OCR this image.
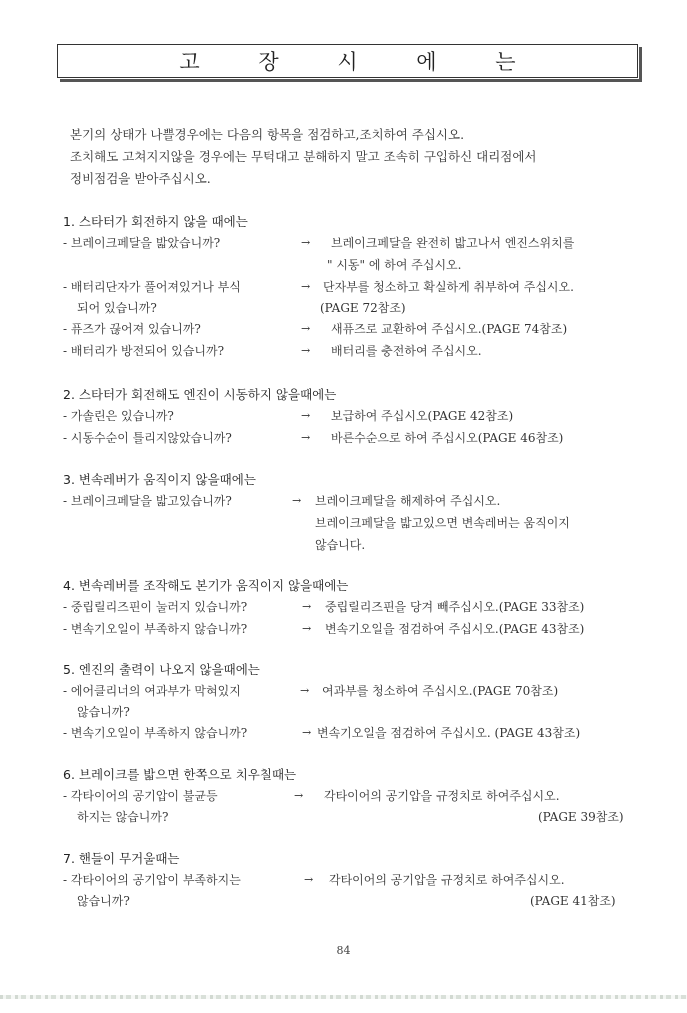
고 장 시 에 는
본기의 상태가 나쁠경우에는 다음의 항목을 점검하고,조치하여 주십시오.
조치해도 고쳐지지않을 경우에는 무턱대고 분해하지 말고 조속히 구입하신 대리점에서
정비점검을 받아주십시오.
1. 스타터가 회전하지 않을 때에는
- 브레이크페달을 밟았습니까?	→ 브레이크페달을 완전히 밟고나서 엔진스위치를
" 시동" 에 하여 주십시오.
- 배터리단자가 풀어져있거나 부식	→ 단자부를 청소하고 확실하게 취부하여 주십시오.
되어 있습니까?	(PAGE 72참조)
- 퓨즈가 끊어져 있습니까?	→ 새퓨즈로 교환하여 주십시오.(PAGE 74참조)
- 배터리가 방전되어 있습니까?	→ 배터리를 충전하여 주십시오.
2. 스타터가 회전해도 엔진이 시동하지 않을때에는
- 가솔린은 있습니까?	→ 보급하여 주십시오(PAGE 42참조)
- 시동수순이 틀리지않았습니까?	→ 바른수순으로 하여 주십시오(PAGE 46참조)
3. 변속레버가 움직이지 않을때에는
- 브레이크페달을 밟고있습니까?	→ 브레이크페달을 해제하여 주십시오.
브레이크페달을 밟고있으면 변속레버는 움직이지
않습니다.
4. 변속레버를 조작해도 본기가 움직이지 않을때에는
- 중립릴리즈핀이 눌러지 있습니까?	→ 중립릴리즈핀을 당겨 빼주십시오.(PAGE 33참조)
- 변속기오일이 부족하지 않습니까?	→ 변속기오일을 점검하여 주십시오.(PAGE 43참조)
5. 엔진의 출력이 나오지 않을때에는
- 에어클리너의 여과부가 막혀있지	→ 여과부를 청소하여 주십시오.(PAGE 70참조)
않습니까?
- 변속기오일이 부족하지 않습니까?	→ 변속기오일을 점검하여 주십시오. (PAGE 43참조)
6. 브레이크를 밟으면 한쪽으로 치우칠때는
- 각타이어의 공기압이 불균등	→ 각타이어의 공기압을 규정치로 하여주십시오.
하지는 않습니까?	(PAGE 39참조)
7. 핸들이 무거울때는
- 각타이어의 공기압이 부족하지는	→ 각타이어의 공기압을 규정치로 하여주십시오.
않습니까?	(PAGE 41참조)
84
